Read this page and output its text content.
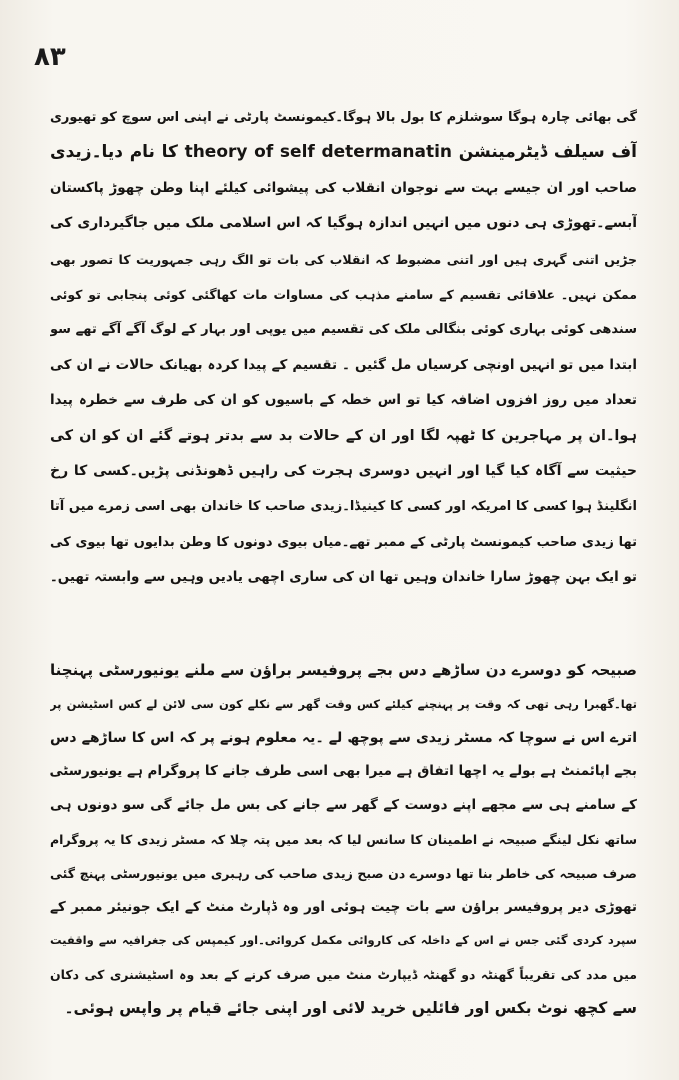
۸۳
گی بھائی چارہ ہوگا سوشلزم کا بول بالا ہوگا۔کیمونسٹ پارٹی نے اپنی اس سوچ کو تھیوری
آف سیلف ڈیٹرمینشن theory of self determanatin کا نام دیا۔زیدی
صاحب اور ان جیسے بہت سے نوجوان انقلاب کی پیشوائی کیلئے اپنا وطن چھوڑ پاکستان
آبسے۔تھوڑی ہی دنوں میں انہیں اندازہ ہوگیا کہ اس اسلامی ملک میں جاگیرداری کی
جڑیں اتنی گہری ہیں اور اتنی مضبوط کہ انقلاب کی بات تو الگ رہی جمہوریت کا تصور بھی
ممکن نہیں۔ علاقائی تقسیم کے سامنے مذہب کی مساوات مات کھاگئی کوئی پنجابی تو کوئی
سندھی کوئی بہاری کوئی بنگالی ملک کی تقسیم میں یوپی اور بہار کے لوگ آگے آگے تھے سو
ابتدا میں تو انہیں اونچی کرسیاں مل گئیں ۔ تقسیم کے پیدا کردہ بھیانک حالات نے ان کی
تعداد میں روز افزوں اضافہ کیا تو اس خطہ کے باسیوں کو ان کی طرف سے خطرہ پیدا
ہوا۔ان پر مہاجرین کا ٹھپہ لگا اور ان کے حالات بد سے بدتر ہوتے گئے ان کو ان کی
حیثیت سے آگاہ کیا گیا اور انہیں دوسری ہجرت کی راہیں ڈھونڈنی پڑیں۔کسی کا رخ
انگلینڈ ہوا کسی کا امریکہ اور کسی کا کینیڈا۔زیدی صاحب کا خاندان بھی اسی زمرے میں آتا
تھا زیدی صاحب کیمونسٹ پارٹی کے ممبر تھے۔میاں بیوی دونوں کا وطن بدایوں تھا بیوی کی
تو ایک بہن چھوڑ سارا خاندان وہیں تھا ان کی ساری اچھی یادیں وہیں سے وابستہ تھیں۔
صبیحہ کو دوسرے دن ساڑھے دس بجے پروفیسر براؤن سے ملنے یونیورسٹی پہنچنا
تھا۔گھبرا رہی تھی کہ وقت پر پہنچنے کیلئے کس وقت گھر سے نکلے کون سی لائن لے کس اسٹیشن پر
اترے اس نے سوچا کہ مسٹر زیدی سے پوچھ لے ۔یہ معلوم ہونے پر کہ اس کا ساڑھے دس
بجے اپائمنٹ ہے بولے یہ اچھا اتفاق ہے میرا بھی اسی طرف جانے کا پروگرام ہے یونیورسٹی
کے سامنے ہی سے مجھے اپنے دوست کے گھر سے جانے کی بس مل جائے گی سو دونوں ہی
ساتھ نکل لینگے صبیحہ نے اطمینان کا سانس لیا کہ بعد میں پتہ چلا کہ مسٹر زیدی کا یہ پروگرام
صرف صبیحہ کی خاطر بنا تھا دوسرے دن صبح زیدی صاحب کی رہبری میں یونیورسٹی پہنچ گئی
تھوڑی دیر پروفیسر براؤن سے بات چیت ہوئی اور وہ ڈپارٹ منٹ کے ایک جونیئر ممبر کے
سپرد کردی گئی جس نے اس کے داخلہ کی کاروائی مکمل کروائی۔اور کیمپس کی جغرافیہ سے واقفیت
میں مدد کی تقریباً گھنٹہ دو گھنٹہ ڈیپارٹ منٹ میں صرف کرنے کے بعد وہ اسٹیشنری کی دکان
سے کچھ نوٹ بکس اور فائلیں خرید لائی اور اپنی جائے قیام پر واپس ہوئی۔
